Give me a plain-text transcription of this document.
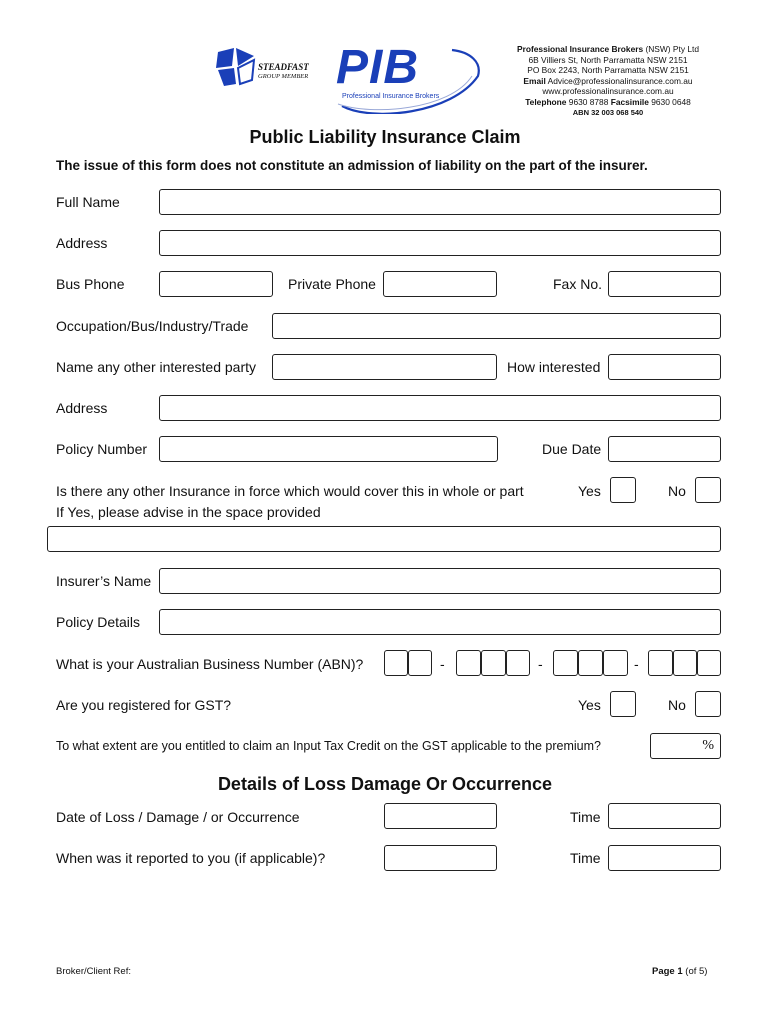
STEADFAST
GROUP MEMBER PIB
Professional Insurance Brokers
Professional Insurance Brokers (NSW) Pty Ltd
6B Villiers St, North Parramatta NSW 2151
PO Box 2243, North Parramatta NSW 2151
Email Advice@professionalinsurance.com.au
www.professionalinsurance.com.au
Telephone 9630 8788 Facsimile 9630 0648
ABN 32 003 068 540
Public Liability Insurance Claim
The issue of this form does not constitute an admission of liability on the part of the insurer.
Full Name
Address
Bus Phone	Private Phone	Fax No.
Occupation/Bus/Industry/Trade
Name any other interested party	How interested
Address
Policy Number	Due Date
Is there any other Insurance in force which would cover this in whole or part
If Yes, please advise in the space provided
Yes	No
Insurer’s Name
Policy Details
What is your Australian Business Number (ABN)?	-	-	-
Are you registered for GST?	Yes	No
To what extent are you entitled to claim an Input Tax Credit on the GST applicable to the premium?	%
Details of Loss Damage Or Occurrence
Date of Loss / Damage / or Occurrence	Time
When was it reported to you (if applicable)?	Time
Broker/Client Ref:	Page 1 (of 5)
